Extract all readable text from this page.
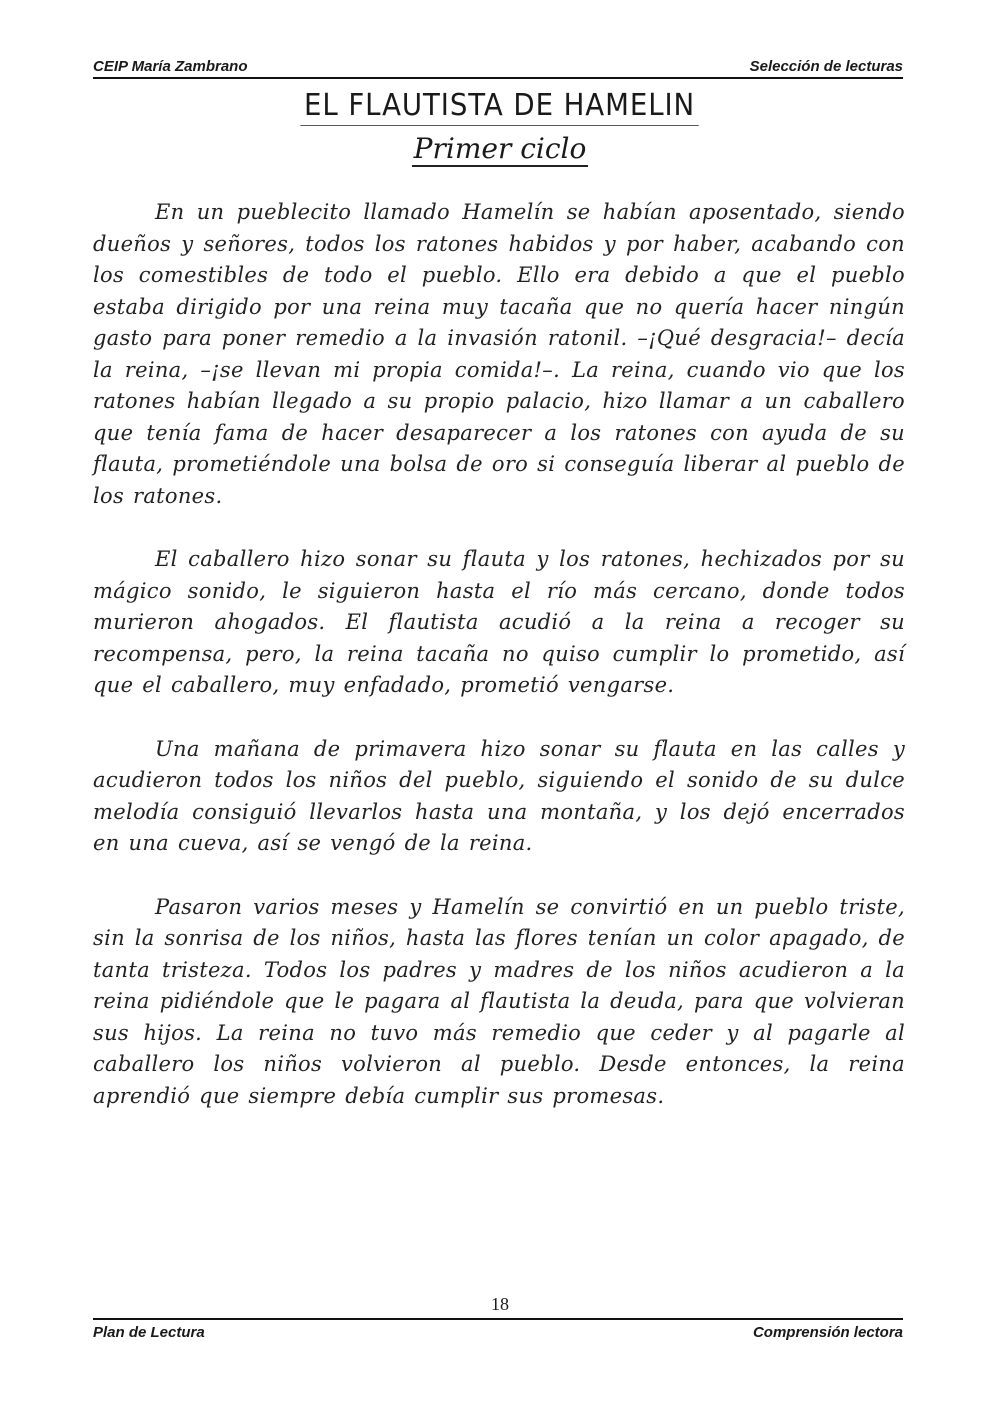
CEIP María Zambrano	Selección de lecturas
EL FLAUTISTA DE HAMELIN
Primer ciclo

En un pueblecito llamado Hamelín se habían aposentado, siendo dueños y señores, todos los ratones habidos y por haber, acabando con los comestibles de todo el pueblo. Ello era debido a que el pueblo estaba dirigido por una reina muy tacaña que no quería hacer ningún gasto para poner remedio a la invasión ratonil. –¡Qué desgracia!– decía la reina, –¡se llevan mi propia comida!–. La reina, cuando vio que los ratones habían llegado a su propio palacio, hizo llamar a un caballero que tenía fama de hacer desaparecer a los ratones con ayuda de su flauta, prometiéndole una bolsa de oro si conseguía liberar al pueblo de los ratones.

El caballero hizo sonar su flauta y los ratones, hechizados por su mágico sonido, le siguieron hasta el río más cercano, donde todos murieron ahogados. El flautista acudió a la reina a recoger su recompensa, pero, la reina tacaña no quiso cumplir lo prometido, así que el caballero, muy enfadado, prometió vengarse.

Una mañana de primavera hizo sonar su flauta en las calles y acudieron todos los niños del pueblo, siguiendo el sonido de su dulce melodía consiguió llevarlos hasta una montaña, y los dejó encerrados en una cueva, así se vengó de la reina.

Pasaron varios meses y Hamelín se convirtió en un pueblo triste, sin la sonrisa de los niños, hasta las flores tenían un color apagado, de tanta tristeza. Todos los padres y madres de los niños acudieron a la reina pidiéndole que le pagara al flautista la deuda, para que volvieran sus hijos. La reina no tuvo más remedio que ceder y al pagarle al caballero los niños volvieron al pueblo. Desde entonces, la reina aprendió que siempre debía cumplir sus promesas.

18
Plan de Lectura	Comprensión lectora
